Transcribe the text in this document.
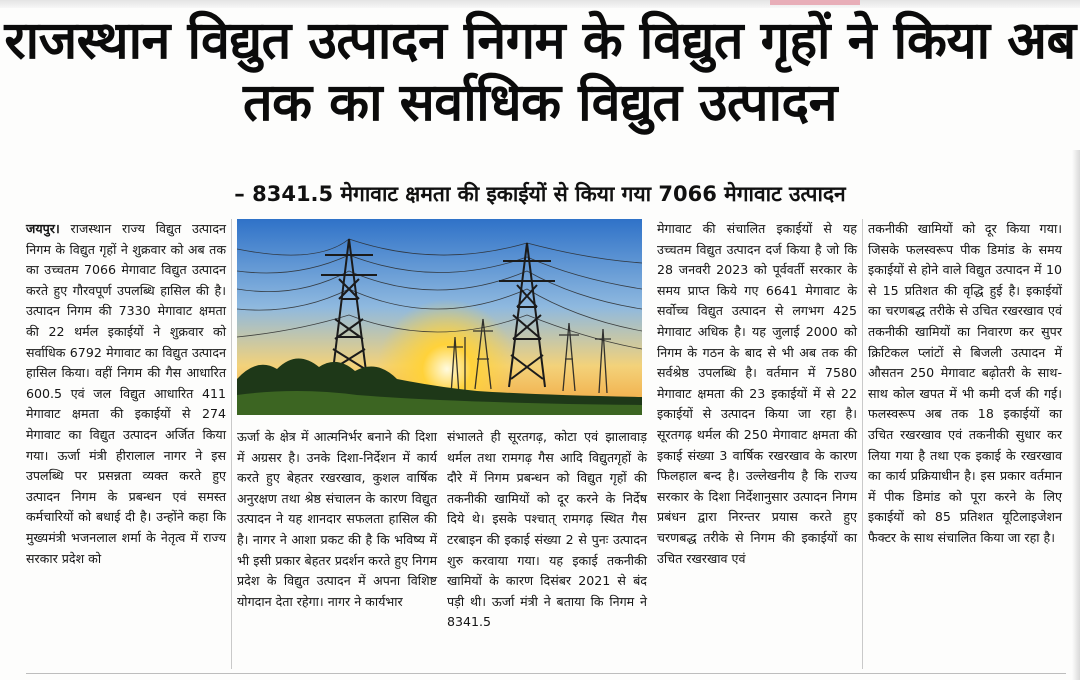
राजस्थान विद्युत उत्पादन निगम के विद्युत गृहों ने किया अब तक का सर्वाधिक विद्युत उत्पादन
– 8341.5 मेगावाट क्षमता की इकाईयों से किया गया 7066 मेगावाट उत्पादन

जयपुर। राजस्थान राज्य विद्युत उत्पादन निगम के विद्युत गृहों ने शुक्रवार को अब तक का उच्चतम 7066 मेगावाट विद्युत उत्पादन करते हुए गौरवपूर्ण उपलब्धि हासिल की है। उत्पादन निगम की 7330 मेगावाट क्षमता की 22 थर्मल इकाईयों ने शुक्रवार को सर्वाधिक 6792 मेगावाट का विद्युत उत्पादन हासिल किया। वहीं निगम की गैस आधारित 600.5 एवं जल विद्युत आधारित 411 मेगावाट क्षमता की इकाईयों से 274 मेगावाट का विद्युत उत्पादन अर्जित किया गया। ऊर्जा मंत्री हीरालाल नागर ने इस उपलब्धि पर प्रसन्नता व्यक्त करते हुए उत्पादन निगम के प्रबन्धन एवं समस्त कर्मचारियों को बधाई दी है। उन्होंने कहा कि मुख्यमंत्री भजनलाल शर्मा के नेतृत्व में राज्य सरकार प्रदेश को

ऊर्जा के क्षेत्र में आत्मनिर्भर बनाने की दिशा में अग्रसर है। उनके दिशा-निर्देशन में कार्य करते हुए बेहतर रखरखाव, कुशल वार्षिक अनुरक्षण तथा श्रेष्ठ संचालन के कारण विद्युत उत्पादन ने यह शानदार सफलता हासिल की है। नागर ने आशा प्रकट की है कि भविष्य में भी इसी प्रकार बेहतर प्रदर्शन करते हुए निगम प्रदेश के विद्युत उत्पादन में अपना विशिष्ट योगदान देता रहेगा। नागर ने कार्यभार

संभालते ही सूरतगढ़, कोटा एवं झालावाड़ थर्मल तथा रामगढ़ गैस आदि विद्युतगृहों के दौरे में निगम प्रबन्धन को विद्युत गृहों की तकनीकी खामियों को दूर करने के निर्देष दिये थे। इसके पश्चात् रामगढ़ स्थित गैस टरबाइन की इकाई संख्या 2 से पुनः उत्पादन शुरु करवाया गया। यह इकाई तकनीकी खामियों के कारण दिसंबर 2021 से बंद पड़ी थी। ऊर्जा मंत्री ने बताया कि निगम ने 8341.5

मेगावाट की संचालित इकाईयों से यह उच्चतम विद्युत उत्पादन दर्ज किया है जो कि 28 जनवरी 2023 को पूर्ववर्ती सरकार के समय प्राप्त किये गए 6641 मेगावाट के सर्वोच्च विद्युत उत्पादन से लगभग 425 मेगावाट अधिक है। यह जुलाई 2000 को निगम के गठन के बाद से भी अब तक की सर्वश्रेष्ठ उपलब्धि है। वर्तमान में 7580 मेगावाट क्षमता की 23 इकाईयों में से 22 इकाईयों से उत्पादन किया जा रहा है। सूरतगढ़ थर्मल की 250 मेगावाट क्षमता की इकाई संख्या 3 वार्षिक रखरखाव के कारण फिलहाल बन्द है। उल्लेखनीय है कि राज्य सरकार के दिशा निर्देशानुसार उत्पादन निगम प्रबंधन द्वारा निरन्तर प्रयास करते हुए चरणबद्ध तरीके से निगम की इकाईयों का उचित रखरखाव एवं

तकनीकी खामियों को दूर किया गया। जिसके फलस्वरूप पीक डिमांड के समय इकाईयों से होने वाले विद्युत उत्पादन में 10 से 15 प्रतिशत की वृद्धि हुई है। इकाईयों का चरणबद्ध तरीके से उचित रखरखाव एवं तकनीकी खामियों का निवारण कर सुपर क्रिटिकल प्लांटों से बिजली उत्पादन में औसतन 250 मेगावाट बढ़ोतरी के साथ-साथ कोल खपत में भी कमी दर्ज की गई। फलस्वरूप अब तक 18 इकाईयों का उचित रखरखाव एवं तकनीकी सुधार कर लिया गया है तथा एक इकाई के रखरखाव का कार्य प्रक्रियाधीन है। इस प्रकार वर्तमान में पीक डिमांड को पूरा करने के लिए इकाईयों को 85 प्रतिशत यूटिलाइजेशन फैक्टर के साथ संचालित किया जा रहा है।
